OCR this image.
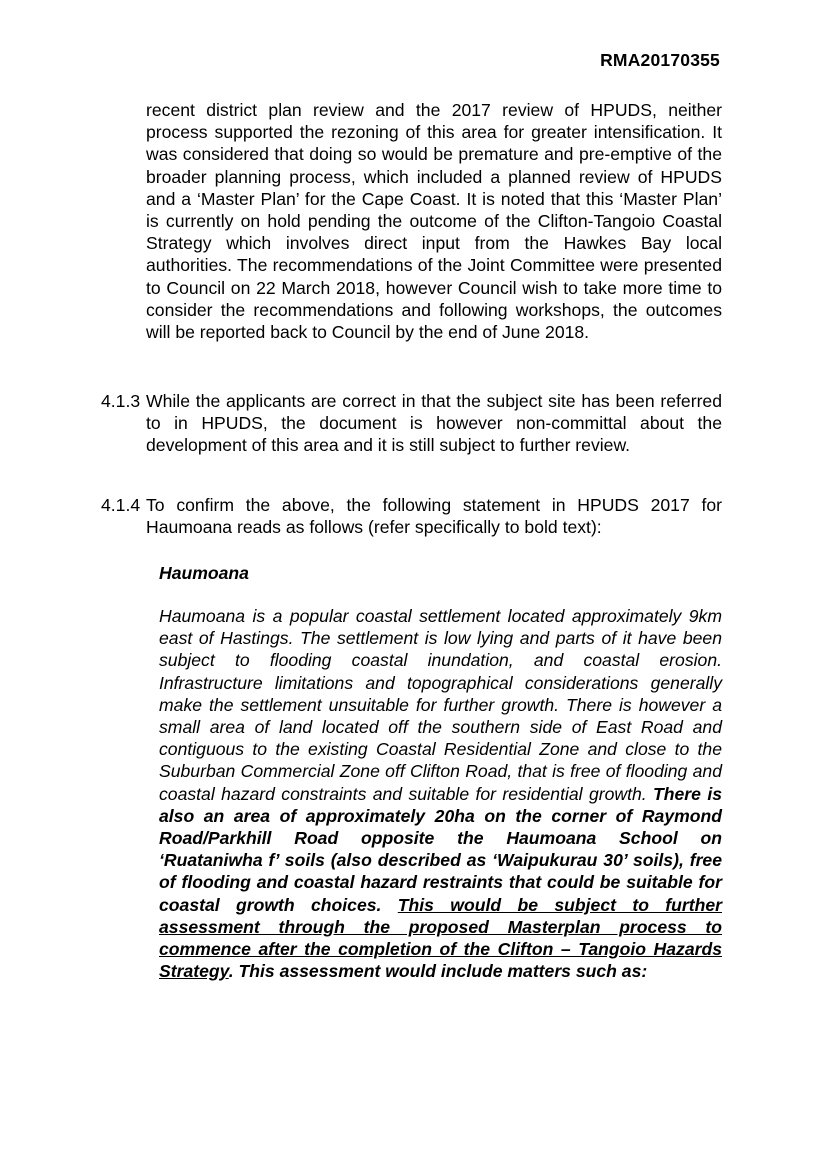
RMA20170355
recent district plan review and the 2017 review of HPUDS, neither process supported the rezoning of this area for greater intensification. It was considered that doing so would be premature and pre-emptive of the broader planning process, which included a planned review of HPUDS and a ‘Master Plan’ for the Cape Coast. It is noted that this ‘Master Plan’ is currently on hold pending the outcome of the Clifton-Tangoio Coastal Strategy which involves direct input from the Hawkes Bay local authorities. The recommendations of the Joint Committee were presented to Council on 22 March 2018, however Council wish to take more time to consider the recommendations and following workshops, the outcomes will be reported back to Council by the end of June 2018.
4.1.3 While the applicants are correct in that the subject site has been referred to in HPUDS, the document is however non-committal about the development of this area and it is still subject to further review.
4.1.4 To confirm the above, the following statement in HPUDS 2017 for Haumoana reads as follows (refer specifically to bold text):
Haumoana
Haumoana is a popular coastal settlement located approximately 9km east of Hastings. The settlement is low lying and parts of it have been subject to flooding coastal inundation, and coastal erosion. Infrastructure limitations and topographical considerations generally make the settlement unsuitable for further growth. There is however a small area of land located off the southern side of East Road and contiguous to the existing Coastal Residential Zone and close to the Suburban Commercial Zone off Clifton Road, that is free of flooding and coastal hazard constraints and suitable for residential growth. There is also an area of approximately 20ha on the corner of Raymond Road/Parkhill Road opposite the Haumoana School on ‘Ruataniwha f’ soils (also described as ‘Waipukurau 30’ soils), free of flooding and coastal hazard restraints that could be suitable for coastal growth choices. This would be subject to further assessment through the proposed Masterplan process to commence after the completion of the Clifton – Tangoio Hazards Strategy. This assessment would include matters such as:
